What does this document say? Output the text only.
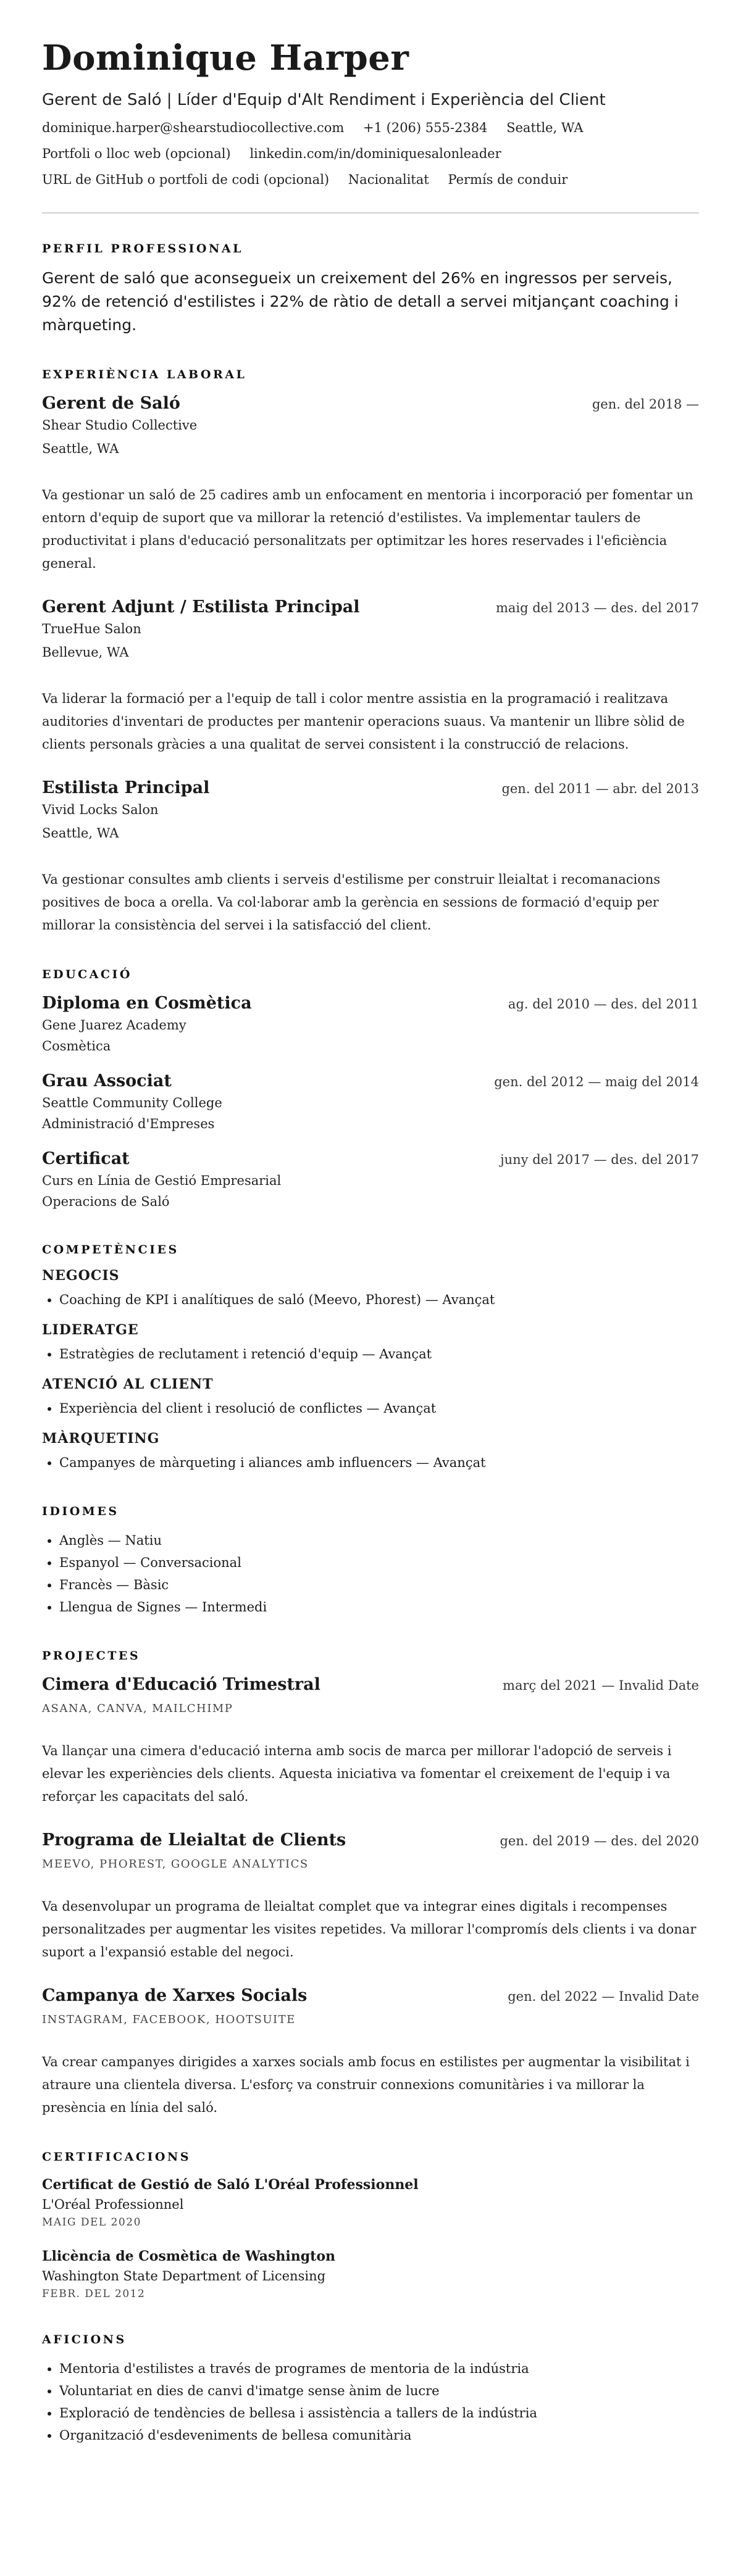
Dominique Harper
Gerent de Saló | Líder d'Equip d'Alt Rendiment i Experiència del Client
dominique.harper@shearstudiocollective.com +1 (206) 555-2384 Seattle, WA
Portfoli o lloc web (opcional) linkedin.com/in/dominiquesalonleader
URL de GitHub o portfoli de codi (opcional) Nacionalitat Permís de conduir
PERFIL PROFESSIONAL

Gerent de saló que aconsegueix un creixement del 26% en ingressos per serveis, 92% de retenció d'estilistes i 22% de ràtio de detall a servei mitjançant coaching i màrqueting.

EXPERIÈNCIA LABORAL
Gerent de Saló	gen. del 2018 —
Shear Studio Collective
Seattle, WA
Va gestionar un saló de 25 cadires amb un enfocament en mentoria i incorporació per fomentar un entorn d'equip de suport que va millorar la retenció d'estilistes. Va implementar taulers de productivitat i plans d'educació personalitzats per optimitzar les hores reservades i l'eficiència general.
Gerent Adjunt / Estilista Principal	maig del 2013 — des. del 2017
TrueHue Salon
Bellevue, WA
Va liderar la formació per a l'equip de tall i color mentre assistia en la programació i realitzava auditories d'inventari de productes per mantenir operacions suaus. Va mantenir un llibre sòlid de clients personals gràcies a una qualitat de servei consistent i la construcció de relacions.
Estilista Principal	gen. del 2011 — abr. del 2013
Vivid Locks Salon
Seattle, WA
Va gestionar consultes amb clients i serveis d'estilisme per construir lleialtat i recomanacions positives de boca a orella. Va col·laborar amb la gerència en sessions de formació d'equip per millorar la consistència del servei i la satisfacció del client.
EDUCACIÓ
Diploma en Cosmètica	ag. del 2010 — des. del 2011
Gene Juarez Academy
Cosmètica
Grau Associat	gen. del 2012 — maig del 2014
Seattle Community College
Administració d'Empreses
Certificat	juny del 2017 — des. del 2017
Curs en Línia de Gestió Empresarial
Operacions de Saló
COMPETÈNCIES
NEGOCIS
• Coaching de KPI i analítiques de saló (Meevo, Phorest) — Avançat
LIDERATGE
• Estratègies de reclutament i retenció d'equip — Avançat
ATENCIÓ AL CLIENT
• Experiència del client i resolució de conflictes — Avançat
MÀRQUETING
• Campanyes de màrqueting i aliances amb influencers — Avançat
IDIOMES
• Anglès — Natiu
• Espanyol — Conversacional
• Francès — Bàsic
• Llengua de Signes — Intermedi
PROJECTES
Cimera d'Educació Trimestral	març del 2021 — Invalid Date
ASANA, CANVA, MAILCHIMP
Va llançar una cimera d'educació interna amb socis de marca per millorar l'adopció de serveis i elevar les experiències dels clients. Aquesta iniciativa va fomentar el creixement de l'equip i va reforçar les capacitats del saló.
Programa de Lleialtat de Clients	gen. del 2019 — des. del 2020
MEEVO, PHOREST, GOOGLE ANALYTICS
Va desenvolupar un programa de lleialtat complet que va integrar eines digitals i recompenses personalitzades per augmentar les visites repetides. Va millorar l'compromís dels clients i va donar suport a l'expansió estable del negoci.
Campanya de Xarxes Socials	gen. del 2022 — Invalid Date
INSTAGRAM, FACEBOOK, HOOTSUITE
Va crear campanyes dirigides a xarxes socials amb focus en estilistes per augmentar la visibilitat i atraure una clientela diversa. L'esforç va construir connexions comunitàries i va millorar la presència en línia del saló.
CERTIFICACIONS
Certificat de Gestió de Saló L'Oréal Professionnel
L'Oréal Professionnel
MAIG DEL 2020
Llicència de Cosmètica de Washington
Washington State Department of Licensing
FEBR. DEL 2012
AFICIONS
• Mentoria d'estilistes a través de programes de mentoria de la indústria
• Voluntariat en dies de canvi d'imatge sense ànim de lucre
• Exploració de tendències de bellesa i assistència a tallers de la indústria
• Organització d'esdeveniments de bellesa comunitària
